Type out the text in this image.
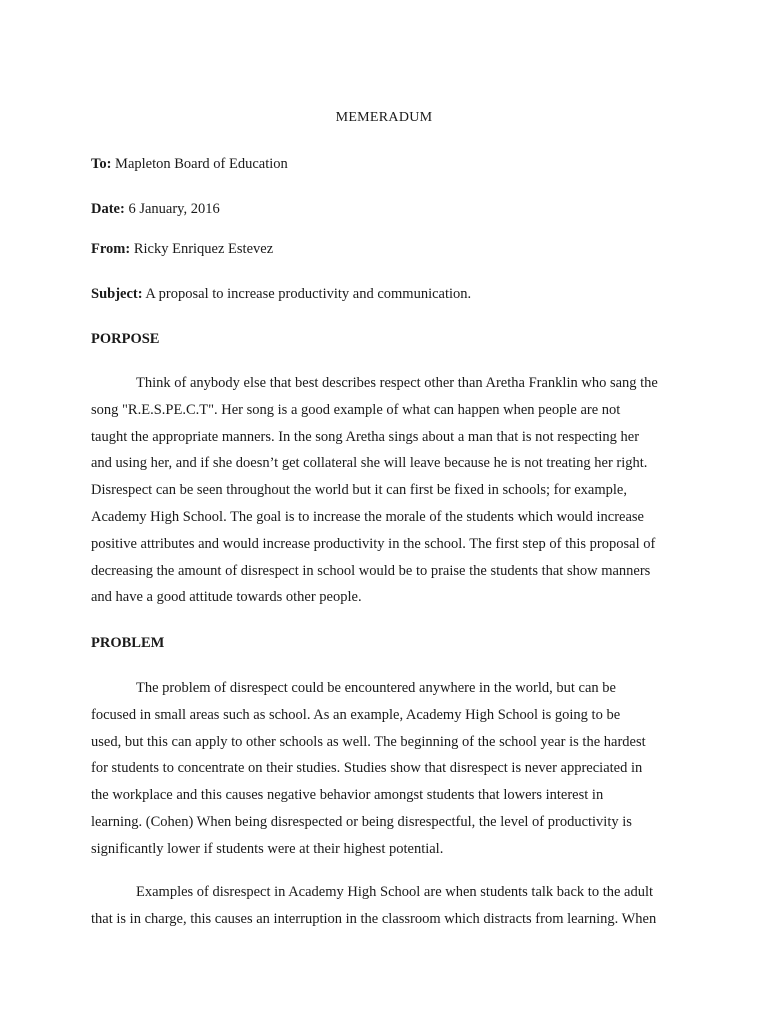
MEMERADUM
To: Mapleton Board of Education
Date: 6 January, 2016
From: Ricky Enriquez Estevez
Subject: A proposal to increase productivity and communication.
PORPOSE
Think of anybody else that best describes respect other than Aretha Franklin who sang the
song "R.E.S.PE.C.T". Her song is a good example of what can happen when people are not
taught the appropriate manners. In the song Aretha sings about a man that is not respecting her
and using her, and if she doesn’t get collateral she will leave because he is not treating her right.
Disrespect can be seen throughout the world but it can first be fixed in schools; for example,
Academy High School. The goal is to increase the morale of the students which would increase
positive attributes and would increase productivity in the school. The first step of this proposal of
decreasing the amount of disrespect in school would be to praise the students that show manners
and have a good attitude towards other people.
PROBLEM
The problem of disrespect could be encountered anywhere in the world, but can be
focused in small areas such as school. As an example, Academy High School is going to be
used, but this can apply to other schools as well. The beginning of the school year is the hardest
for students to concentrate on their studies. Studies show that disrespect is never appreciated in
the workplace and this causes negative behavior amongst students that lowers interest in
learning. (Cohen) When being disrespected or being disrespectful, the level of productivity is
significantly lower if students were at their highest potential.
Examples of disrespect in Academy High School are when students talk back to the adult
that is in charge, this causes an interruption in the classroom which distracts from learning. When
